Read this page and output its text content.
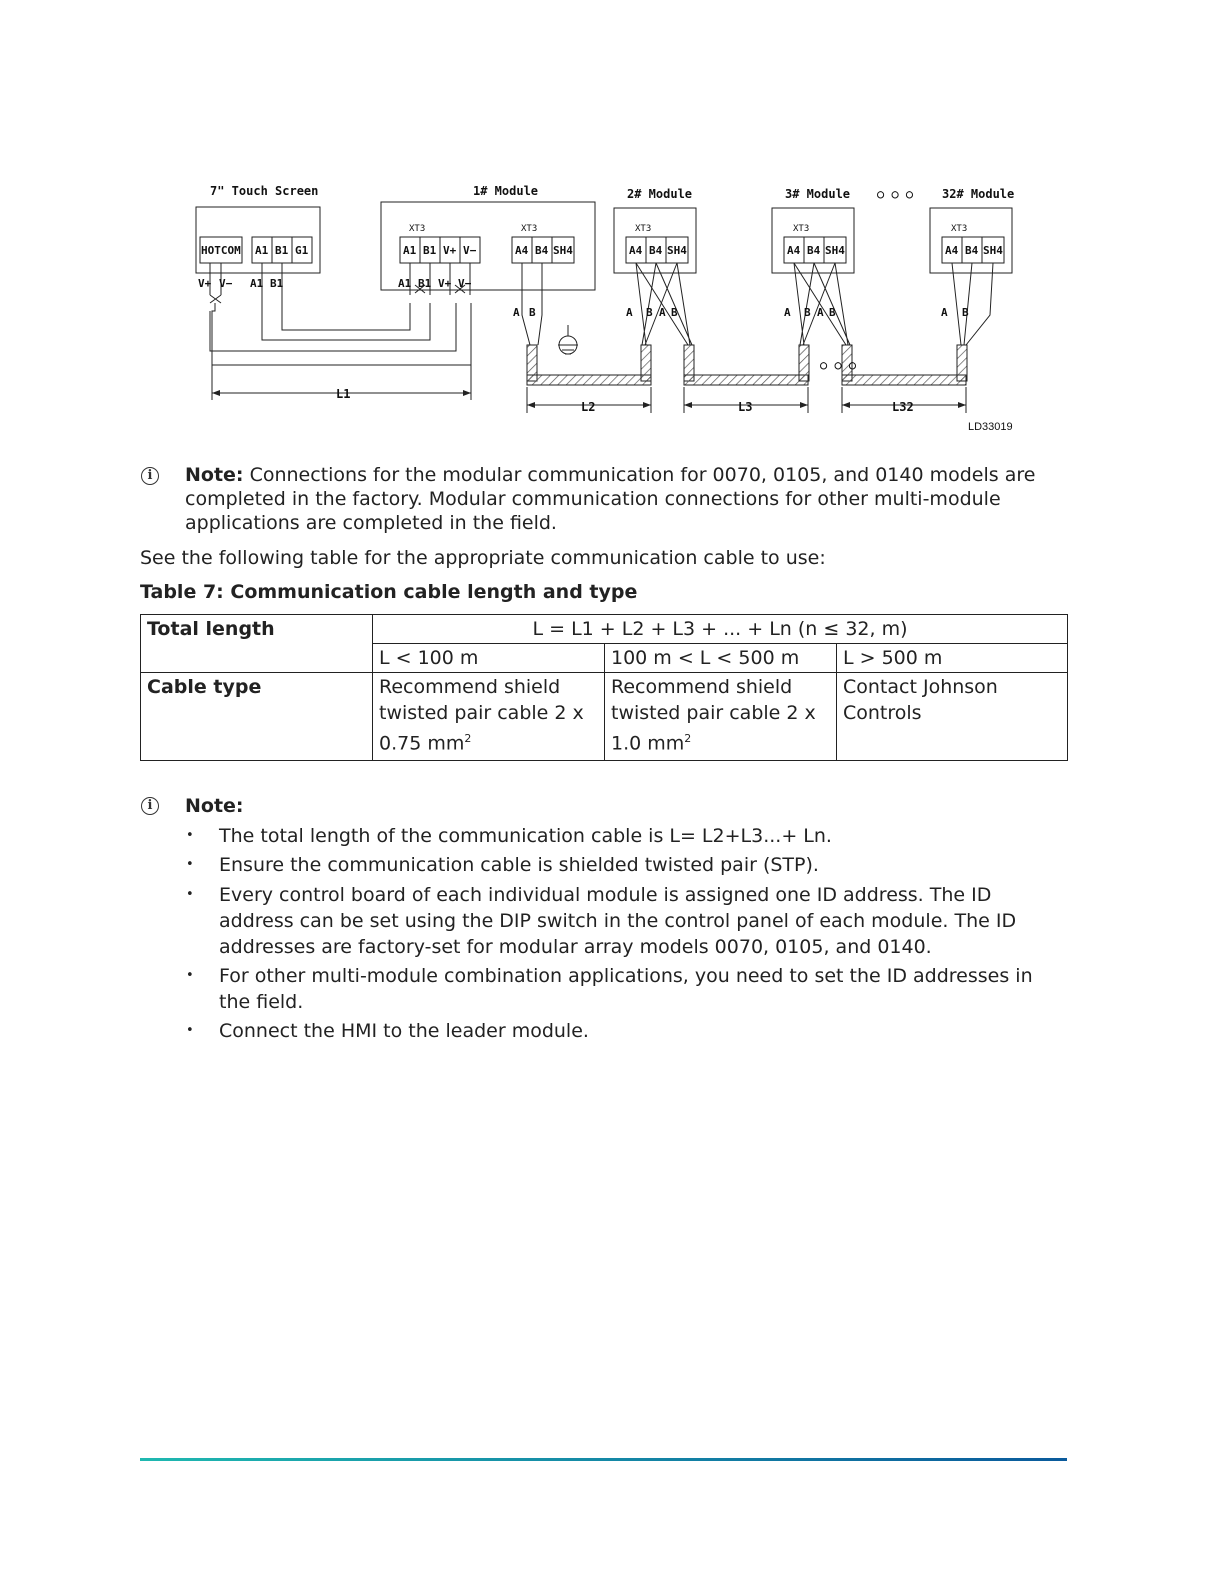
7" Touch Screen	1# Module	2# Module	3# Module ○ ○ ○ 32# Module
XT3	XT3	XT3	XT3	XT3
HOTCOM A1 B1 G1	A1 B1 V+ V−	A4 B4 SH4	A4 B4 SH4	A4 B4 SH4	A4 B4 SH4
V+ V− A1 B1	A1 B1 V+ V−
A B	A B A B	A B A B	A B
○ ○ ○
L1
L2	L3	L32
LD33019
i	Note: Connections for the modular communication for 0070, 0105, and 0140 models are completed in the factory. Modular communication connections for other multi-module applications are completed in the field.
See the following table for the appropriate communication cable to use:
Table 7: Communication cable length and type
Total length	L = L1 + L2 + L3 + ... + Ln (n ≤ 32, m)		
	L < 100 m	100 m < L < 500 m	L > 500 m
Cable type	Recommend shield twisted pair cable 2 x 0.75 $mm^2$	Recommend shield twisted pair cable 2 x 1.0 $mm^2$	Contact Johnson Controls
i	Note:
• The total length of the communication cable is L= L2+L3...+ Ln.
• Ensure the communication cable is shielded twisted pair (STP).
• Every control board of each individual module is assigned one ID address. The ID address can be set using the DIP switch in the control panel of each module. The ID addresses are factory-set for modular array models 0070, 0105, and 0140.
• For other multi-module combination applications, you need to set the ID addresses in the field.
• Connect the HMI to the leader module.
